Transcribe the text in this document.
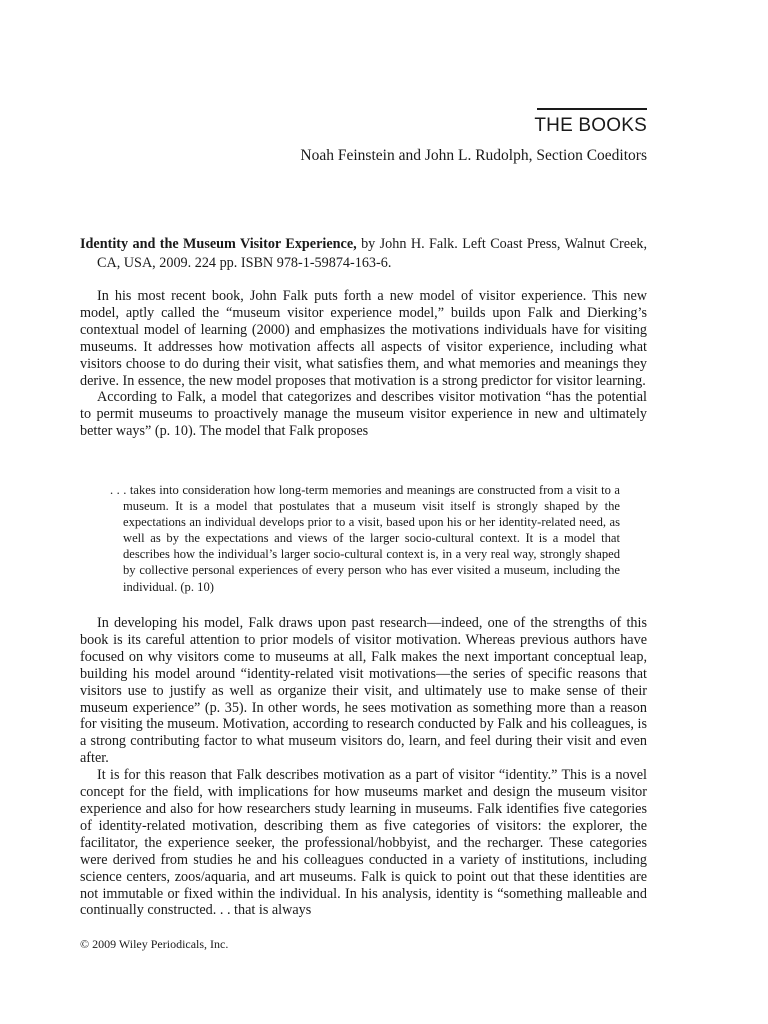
THE BOOKS
Noah Feinstein and John L. Rudolph, Section Coeditors
Identity and the Museum Visitor Experience, by John H. Falk. Left Coast Press, Walnut Creek, CA, USA, 2009. 224 pp. ISBN 978-1-59874-163-6.

In his most recent book, John Falk puts forth a new model of visitor experience. This new model, aptly called the “museum visitor experience model,” builds upon Falk and Dierking’s contextual model of learning (2000) and emphasizes the motivations individuals have for visiting museums. It addresses how motivation affects all aspects of visitor experience, including what visitors choose to do during their visit, what satisfies them, and what memories and meanings they derive. In essence, the new model proposes that motivation is a strong predictor for visitor learning.

According to Falk, a model that categorizes and describes visitor motivation “has the potential to permit museums to proactively manage the museum visitor experience in new and ultimately better ways” (p. 10). The model that Falk proposes

. . . takes into consideration how long-term memories and meanings are constructed from a visit to a museum. It is a model that postulates that a museum visit itself is strongly shaped by the expectations an individual develops prior to a visit, based upon his or her identity-related need, as well as by the expectations and views of the larger socio-cultural context. It is a model that describes how the individual’s larger socio-cultural context is, in a very real way, strongly shaped by collective personal experiences of every person who has ever visited a museum, including the individual. (p. 10)

In developing his model, Falk draws upon past research—indeed, one of the strengths of this book is its careful attention to prior models of visitor motivation. Whereas previous authors have focused on why visitors come to museums at all, Falk makes the next important conceptual leap, building his model around “identity-related visit motivations—the series of specific reasons that visitors use to justify as well as organize their visit, and ultimately use to make sense of their museum experience” (p. 35). In other words, he sees motivation as something more than a reason for visiting the museum. Motivation, according to research conducted by Falk and his colleagues, is a strong contributing factor to what museum visitors do, learn, and feel during their visit and even after.

It is for this reason that Falk describes motivation as a part of visitor “identity.” This is a novel concept for the field, with implications for how museums market and design the museum visitor experience and also for how researchers study learning in museums. Falk identifies five categories of identity-related motivation, describing them as five categories of visitors: the explorer, the facilitator, the experience seeker, the professional/hobbyist, and the recharger. These categories were derived from studies he and his colleagues conducted in a variety of institutions, including science centers, zoos/aquaria, and art museums. Falk is quick to point out that these identities are not immutable or fixed within the individual. In his analysis, identity is “something malleable and continually constructed. . . that is always

© 2009 Wiley Periodicals, Inc.
